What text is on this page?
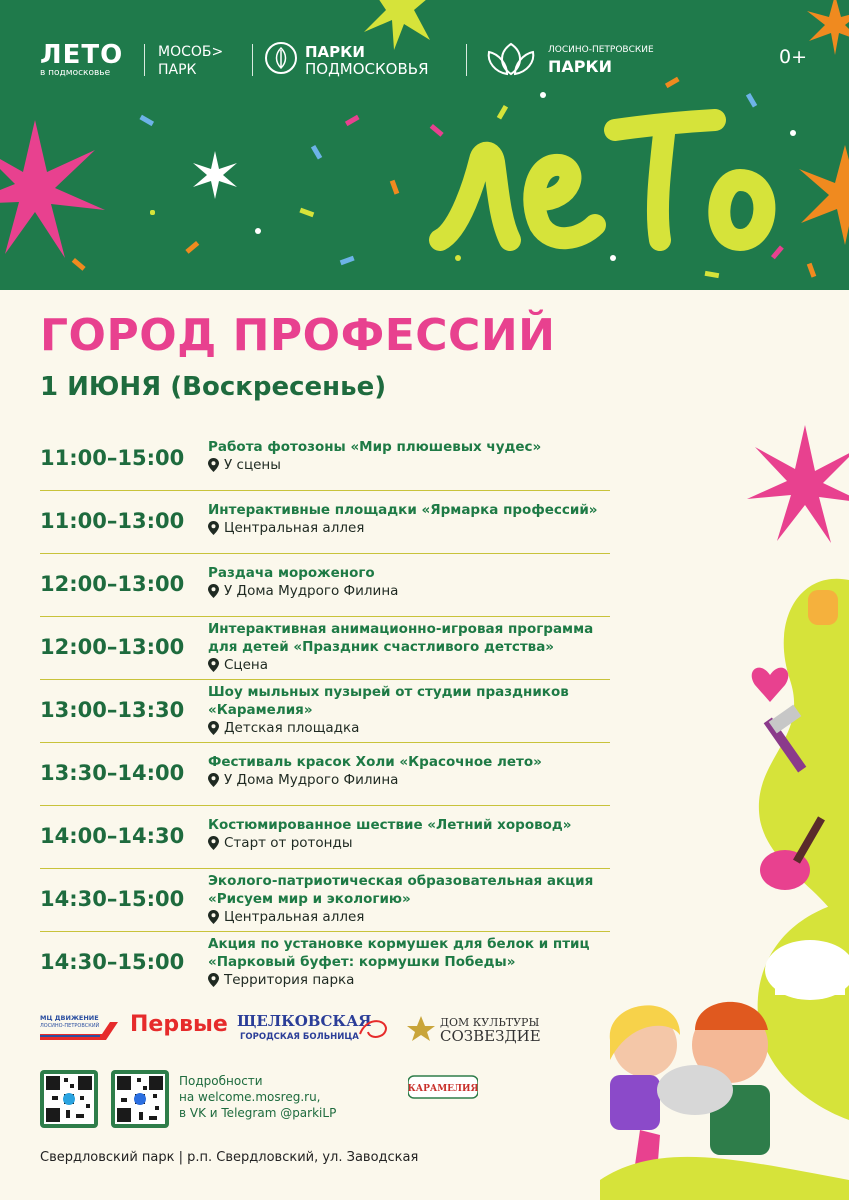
ЛЕТО
в подмосковье
МОСОБ>
ПАРК
ПАРКИ
ПОДМОСКОВЬЯ
ЛОСИНО-ПЕТРОВСКИЕ
ПАРКИ	0+
ГОРОД ПРОФЕССИЙ
1 ИЮНЯ (Воскресенье)
11:00–15:00 Работа фотозоны «Мир плюшевых чудес»
У сцены
11:00–13:00 Интерактивные площадки «Ярмарка профессий»
Центральная аллея
12:00–13:00 Раздача мороженого
У Дома Мудрого Филина
12:00–13:00
Интерактивная анимационно-игровая программа
для детей «Праздник счастливого детства»
Сцена
13:00–13:30
Шоу мыльных пузырей от студии праздников
«Карамелия»
Детская площадка
13:30–14:00 Фестиваль красок Холи «Красочное лето»
У Дома Мудрого Филина
14:00–14:30 Костюмированное шествие «Летний хоровод»
Старт от ротонды
14:30–15:00
Эколого-патриотическая образовательная акция
«Рисуем мир и экологию»
Центральная аллея
14:30–15:00
Акция по установке кормушек для белок и птиц
«Парковый буфет: кормушки Победы»
Территория парка
МЦ ДВИЖЕНИЕ
ЛОСИНО-ПЕТРОВСКИЙ Первые ЩЕЛКОВСКАЯ
ГОРОДСКАЯ БОЛЬНИЦА
ДОМ КУЛЬТУРЫ
СОЗВЕЗДИЕ
КАРАМЕЛИЯ
Подробности
на welcome.mosreg.ru,
в VK и Telegram @parkiLP
Свердловский парк | р.п. Свердловский, ул. Заводская
